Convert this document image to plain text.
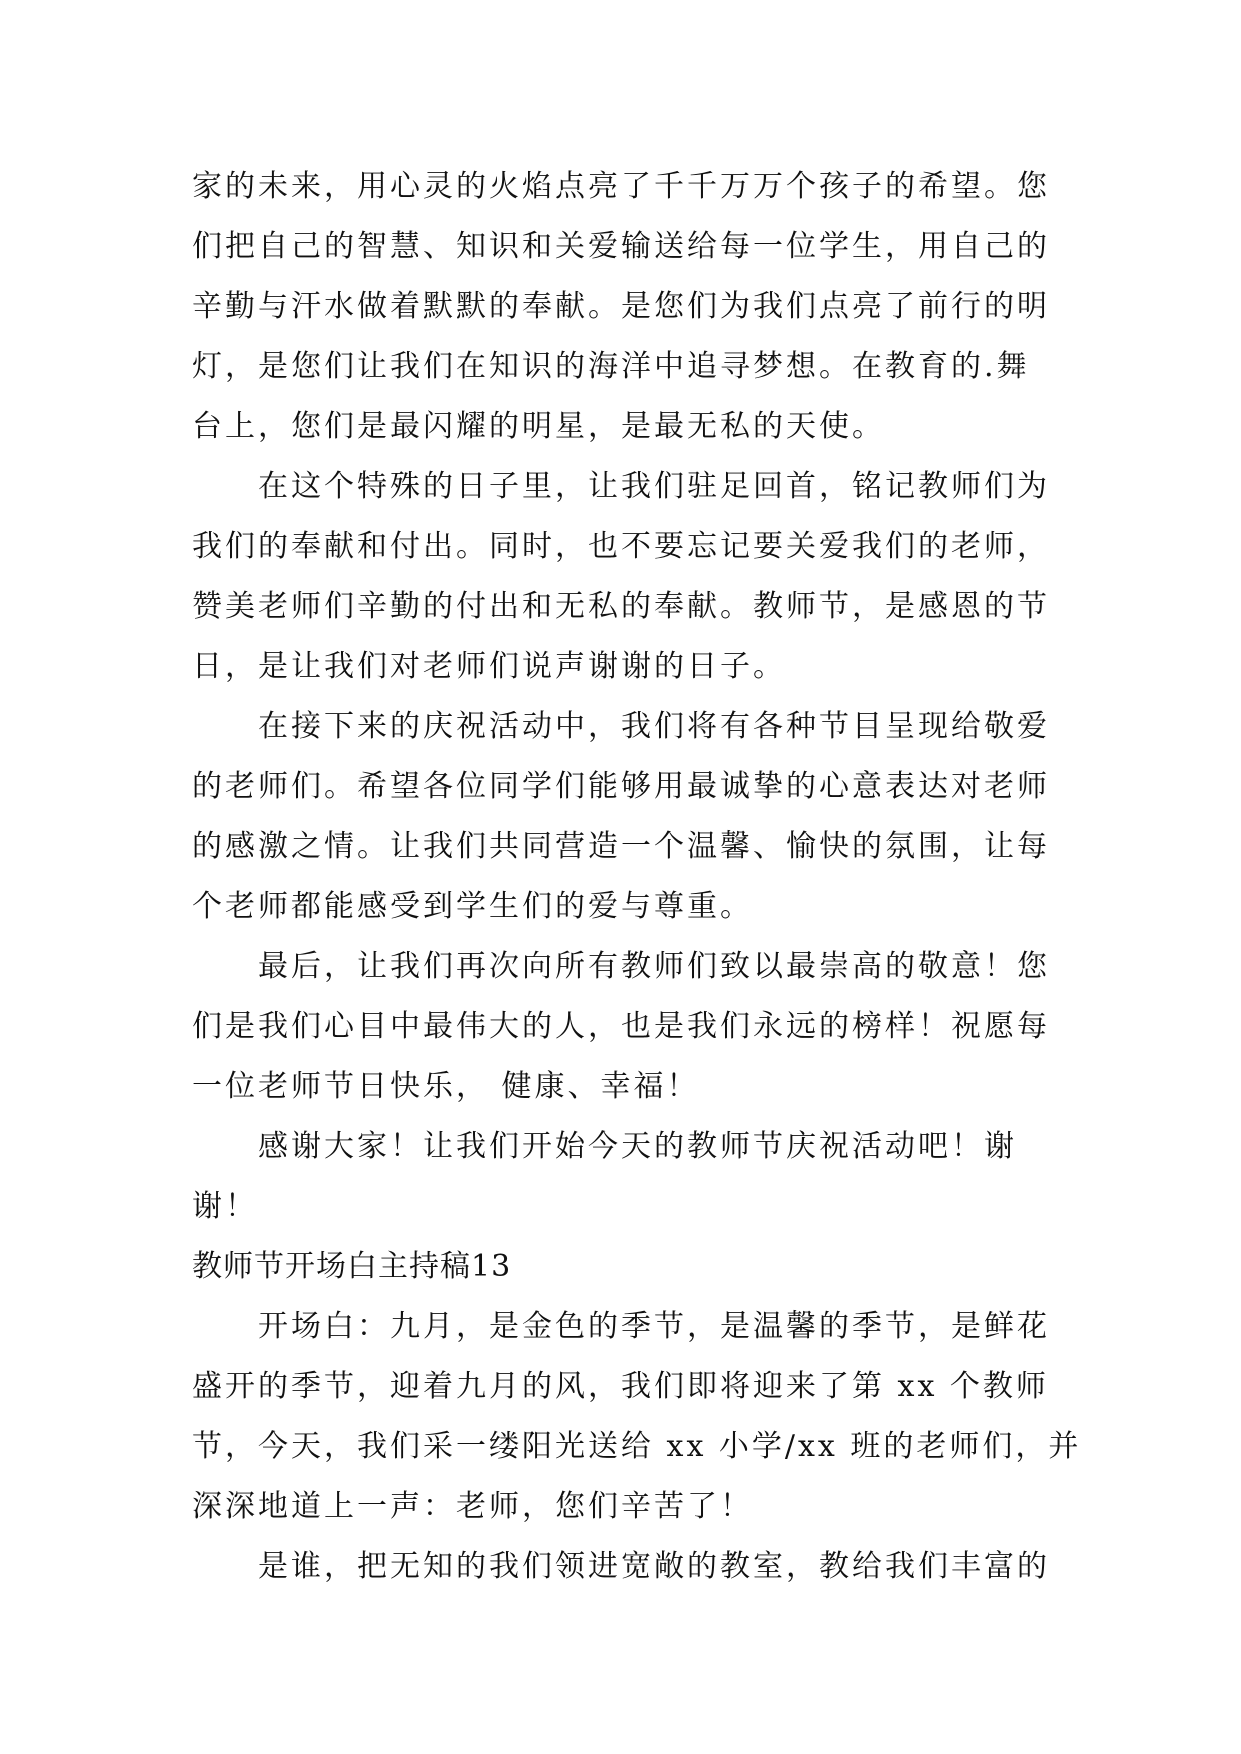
家的未来，用心灵的火焰点亮了千千万万个孩子的希望。您
们把自己的智慧、知识和关爱输送给每一位学生，用自己的
辛勤与汗水做着默默的奉献。是您们为我们点亮了前行的明
灯，是您们让我们在知识的海洋中追寻梦想。在教育的.舞
台上，您们是最闪耀的明星，是最无私的天使。
在这个特殊的日子里，让我们驻足回首，铭记教师们为
我们的奉献和付出。同时，也不要忘记要关爱我们的老师，
赞美老师们辛勤的付出和无私的奉献。教师节，是感恩的节
日，是让我们对老师们说声谢谢的日子。
在接下来的庆祝活动中，我们将有各种节目呈现给敬爱
的老师们。希望各位同学们能够用最诚挚的心意表达对老师
的感激之情。让我们共同营造一个温馨、愉快的氛围，让每
个老师都能感受到学生们的爱与尊重。
最后，让我们再次向所有教师们致以最崇高的敬意！您
们是我们心目中最伟大的人，也是我们永远的榜样！祝愿每
一位老师节日快乐， 健康、幸福！
感谢大家！让我们开始今天的教师节庆祝活动吧！谢
谢！
教师节开场白主持稿13
开场白：九月，是金色的季节，是温馨的季节，是鲜花
盛开的季节，迎着九月的风，我们即将迎来了第 xx 个教师
节，今天，我们采一缕阳光送给 xx 小学/xx 班的老师们，并
深深地道上一声：老师，您们辛苦了！
是谁，把无知的我们领进宽敞的教室，教给我们丰富的
